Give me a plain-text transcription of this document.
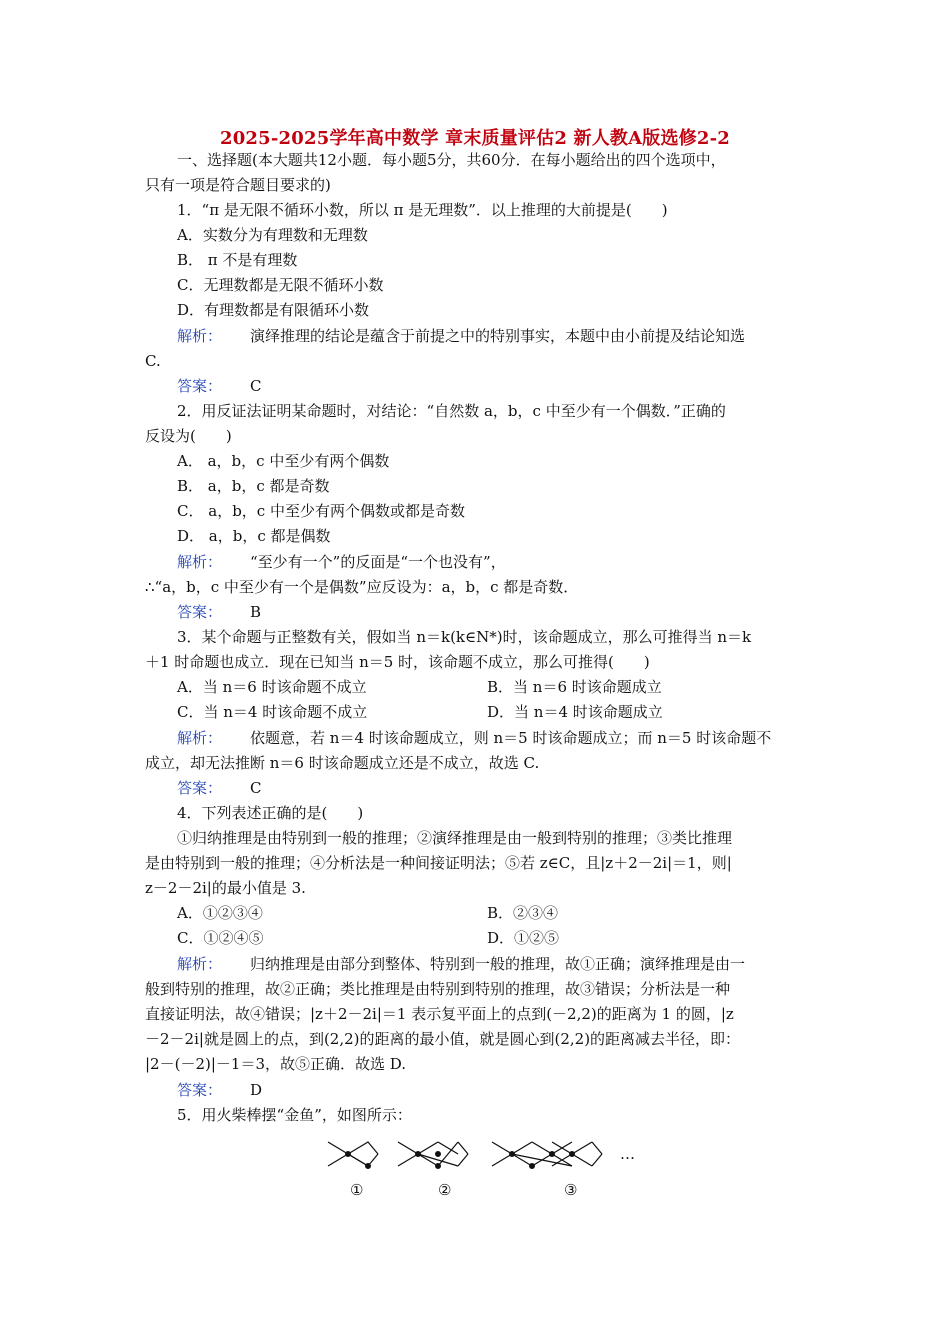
2025-2025学年高中数学 章末质量评估2 新人教A版选修2-2
一、选择题(本大题共12小题．每小题5分，共60分．在每小题给出的四个选项中，
只有一项是符合题目要求的)
1．“π 是无限不循环小数，所以 π 是无理数”．以上推理的大前提是(　　)
A．实数分为有理数和无理数
B． π 不是有理数
C．无理数都是无限不循环小数
D．有理数都是有限循环小数
解析： 演绎推理的结论是蕴含于前提之中的特别事实，本题中由小前提及结论知选
C.
答案： C
2．用反证法证明某命题时，对结论：“自然数 a，b，c 中至少有一个偶数．”正确的
反设为(　　)
A． a，b，c 中至少有两个偶数
B． a，b，c 都是奇数
C． a，b，c 中至少有两个偶数或都是奇数
D． a，b，c 都是偶数
解析： “至少有一个”的反面是“一个也没有”，
∴“a，b，c 中至少有一个是偶数”应反设为：a，b，c 都是奇数．
答案： B
3．某个命题与正整数有关，假如当 n＝k(k∈N*)时，该命题成立，那么可推得当 n＝k
＋1 时命题也成立．现在已知当 n＝5 时，该命题不成立，那么可推得(　　)
A．当 n＝6 时该命题不成立	B．当 n＝6 时该命题成立
C．当 n＝4 时该命题不成立	D．当 n＝4 时该命题成立
解析： 依题意，若 n＝4 时该命题成立，则 n＝5 时该命题成立；而 n＝5 时该命题不
成立，却无法推断 n＝6 时该命题成立还是不成立，故选 C.
答案： C
4．下列表述正确的是(　　)
①归纳推理是由特别到一般的推理；②演绎推理是由一般到特别的推理；③类比推理
是由特别到一般的推理；④分析法是一种间接证明法；⑤若 z∈C，且|z＋2－2i|＝1，则|
z－2－2i|的最小值是 3.
A．①②③④	B．②③④
C．①②④⑤	D．①②⑤
解析： 归纳推理是由部分到整体、特别到一般的推理，故①正确；演绎推理是由一
般到特别的推理，故②正确；类比推理是由特别到特别的推理，故③错误；分析法是一种
直接证明法，故④错误；|z＋2－2i|＝1 表示复平面上的点到(－2,2)的距离为 1 的圆，|z
－2－2i|就是圆上的点，到(2,2)的距离的最小值，就是圆心到(2,2)的距离减去半径，即：
|2－(－2)|－1＝3，故⑤正确．故选 D.
答案： D
5．用火柴棒摆“金鱼”，如图所示：
…
①	②	③
